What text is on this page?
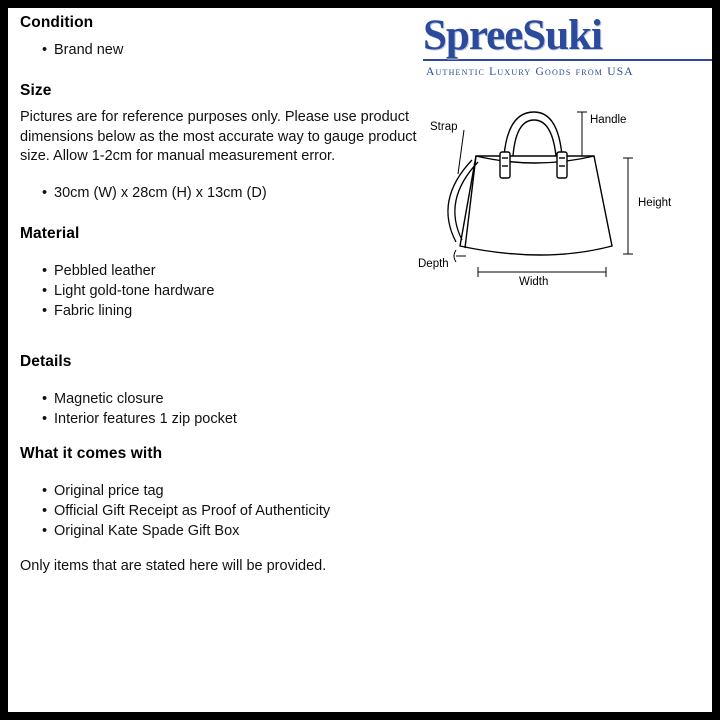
SpreeSuki
Authentic Luxury Goods from USA
Strap
Handle
Height
Depth
Width
Condition
• Brand new
Size

Pictures are for reference purposes only. Please use product dimensions below as the most accurate way to gauge product size. Allow 1-2cm for manual measurement error.

• 30cm (W) x 28cm (H) x 13cm (D)
Material
• Pebbled leather
• Light gold-tone hardware
• Fabric lining
Details
• Magnetic closure
• Interior features 1 zip pocket
What it comes with
• Original price tag
• Official Gift Receipt as Proof of Authenticity
• Original Kate Spade Gift Box

Only items that are stated here will be provided.
